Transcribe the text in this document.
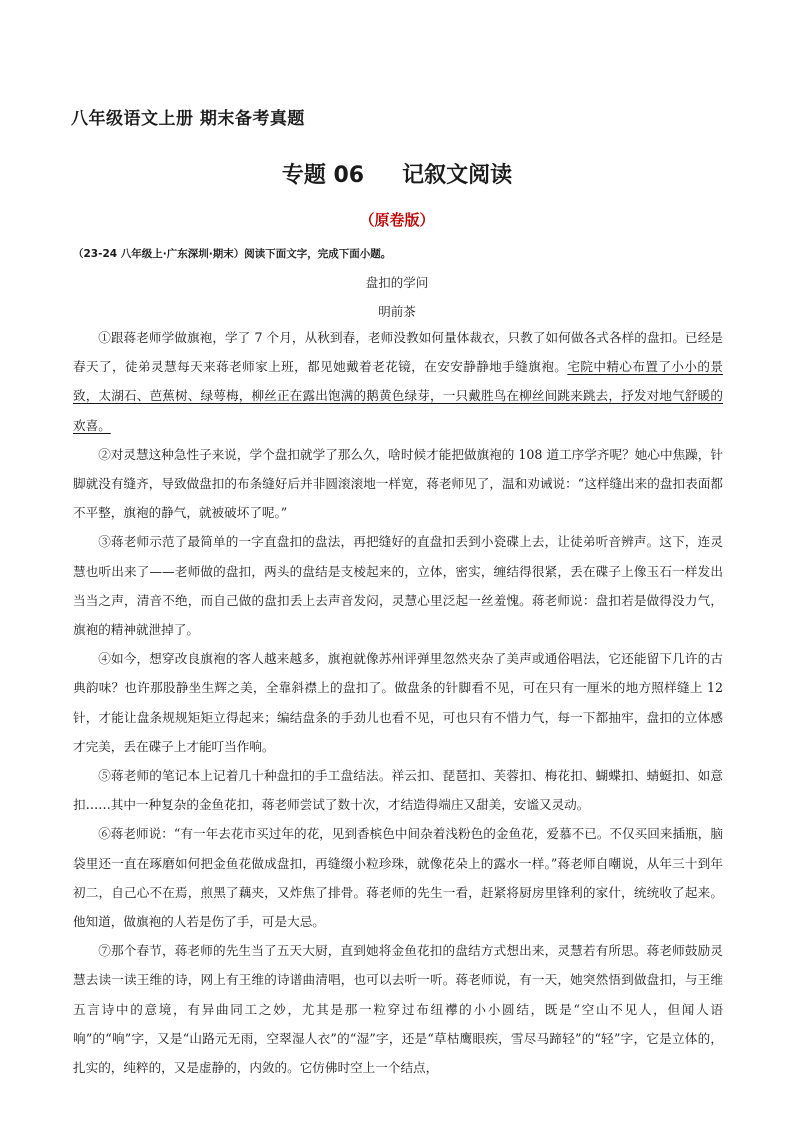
八年级语文上册 期末备考真题
专题 06 记叙文阅读
（原卷版）
（23-24 八年级上·广东深圳·期末）阅读下面文字，完成下面小题。
盘扣的学问
明前茶

①跟蒋老师学做旗袍，学了 7 个月，从秋到春，老师没教如何量体裁衣，只教了如何做各式各样的盘扣。已经是春天了，徒弟灵慧每天来蒋老师家上班，都见她戴着老花镜，在安安静静地手缝旗袍。宅院中精心布置了小小的景致，太湖石、芭蕉树、绿萼梅，柳丝正在露出饱满的鹅黄色绿芽，一只戴胜鸟在柳丝间跳来跳去，抒发对地气舒暖的欢喜。

②对灵慧这种急性子来说，学个盘扣就学了那么久，啥时候才能把做旗袍的 108 道工序学齐呢？她心中焦躁，针脚就没有缝齐，导致做盘扣的布条缝好后并非圆滚滚地一样宽，蒋老师见了，温和劝诫说：“这样缝出来的盘扣表面都不平整，旗袍的静气，就被破坏了呢。”

③蒋老师示范了最简单的一字直盘扣的盘法，再把缝好的直盘扣丢到小瓷碟上去，让徒弟听音辨声。这下，连灵慧也听出来了——老师做的盘扣，两头的盘结是支棱起来的，立体，密实，缠结得很紧，丢在碟子上像玉石一样发出当当之声，清音不绝，而自己做的盘扣丢上去声音发闷，灵慧心里泛起一丝羞愧。蒋老师说：盘扣若是做得没力气，旗袍的精神就泄掉了。

④如今，想穿改良旗袍的客人越来越多，旗袍就像苏州评弹里忽然夹杂了美声或通俗唱法，它还能留下几许的古典韵味？也许那股静坐生辉之美，全靠斜襟上的盘扣了。做盘条的针脚看不见，可在只有一厘米的地方照样缝上 12 针，才能让盘条规规矩矩立得起来；编结盘条的手劲儿也看不见，可也只有不惜力气，每一下都抽牢，盘扣的立体感才完美，丢在碟子上才能叮当作响。

⑤蒋老师的笔记本上记着几十种盘扣的手工盘结法。祥云扣、琵琶扣、芙蓉扣、梅花扣、蝴蝶扣、蜻蜓扣、如意扣……其中一种复杂的金鱼花扣，蒋老师尝试了数十次，才结造得端庄又甜美，安谧又灵动。

⑥蒋老师说：“有一年去花市买过年的花，见到香槟色中间杂着浅粉色的金鱼花，爱慕不已。不仅买回来插瓶，脑袋里还一直在琢磨如何把金鱼花做成盘扣，再缝缀小粒珍珠，就像花朵上的露水一样。”蒋老师自嘲说，从年三十到年初二，自己心不在焉，煎黑了藕夹，又炸焦了排骨。蒋老师的先生一看，赶紧将厨房里锋利的家什，统统收了起来。他知道，做旗袍的人若是伤了手，可是大忌。

⑦那个春节，蒋老师的先生当了五天大厨，直到她将金鱼花扣的盘结方式想出来，灵慧若有所思。蒋老师鼓励灵慧去读一读王维的诗，网上有王维的诗谱曲清唱，也可以去听一听。蒋老师说，有一天，她突然悟到做盘扣，与王维五言诗中的意境，有异曲同工之妙，尤其是那一粒穿过布纽襻的小小圆结，既是“空山不见人，但闻人语响”的“响”字，又是“山路元无雨，空翠湿人衣”的“湿”字，还是“草枯鹰眼疾，雪尽马蹄轻”的“轻”字，它是立体的，扎实的，纯粹的，又是虚静的，内敛的。它仿佛时空上一个结点，
